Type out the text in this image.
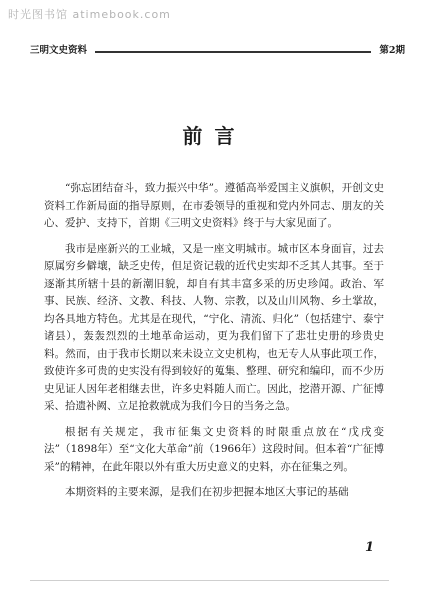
时光图书馆 atimebook.com
三明文史资料	第2期
前言

“弥忘团结奋斗，致力振兴中华”。遵循高举爱国主义旗帜，开创文史资料工作新局面的指导原则，在市委领导的重视和党内外同志、朋友的关心、爱护、支持下，首期《三明文史资料》终于与大家见面了。

我市是座新兴的工业城，又是一座文明城市。城市区本身面盲，过去原属穷乡僻壤，缺乏史传，但足资记载的近代史实却不乏其人其事。至于逐渐其所辖十县的新潮旧貌，却自有其丰富多采的历史珍闻。政治、军事、民族、经济、文教、科技、人物、宗教，以及山川风物、乡土掌故，均各具地方特色。尤其是在现代，“宁化、清流、归化”（包括建宁、泰宁诸县），轰轰烈烈的土地革命运动，更为我们留下了悲壮史册的珍贵史料。然而，由于我市长期以来未设立文史机构，也无专人从事此项工作，致使许多可贵的史实没有得到较好的蒐集、整理、研究和编印，而不少历史见证人因年老相继去世，许多史料随人而亡。因此，挖潜开源、广征博采、拾遗补阙、立足抢救就成为我们今日的当务之急。

根据有关规定，我市征集文史资料的时限重点放在“戊戌变法”（1898年）至“文化大革命”前（1966年）这段时间。但本着“广征博采”的精神，在此年限以外有重大历史意义的史料，亦在征集之列。

本期资料的主要来源，是我们在初步把握本地区大事记的基础

1
